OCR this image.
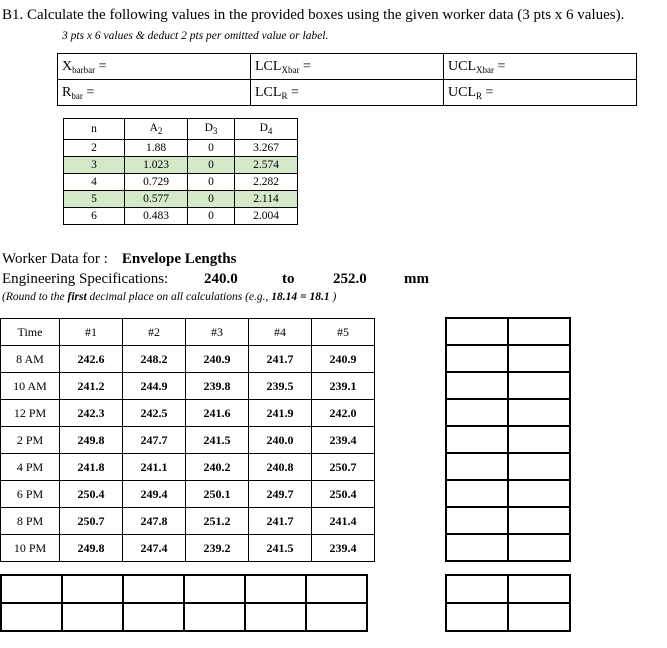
B1. Calculate the following values in the provided boxes using the given worker data (3 pts x 6 values).
3 pts x 6 values & deduct 2 pts per omitted value or label.
$X_{barbar}$ =	$LCL_{Xbar}$ =	$UCL_{Xbar}$ =
$R_{bar}$ =	$LCL_R$ =	$UCL_R$ =
n	$A_2$	$D_3$	$D_4$
2	1.88	0	3.267
3	1.023	0	2.574
4	0.729	0	2.282
5	0.577	0	2.114
6	0.483	0	2.004
Worker Data for : Envelope Lengths
Engineering Specifications: 240.0	to	252.0 mm
(Round to the first decimal place on all calculations (e.g., 18.14 = 18.1 )
Time	#1	#2	#3	#4	#5
8 AM	242.6	248.2	240.9	241.7	240.9
10 AM	241.2	244.9	239.8	239.5	239.1
12 PM	242.3	242.5	241.6	241.9	242.0
2 PM	249.8	247.7	241.5	240.0	239.4
4 PM	241.8	241.1	240.2	240.8	250.7
6 PM	250.4	249.4	250.1	249.7	250.4
8 PM	250.7	247.8	251.2	241.7	241.4
10 PM	249.8	247.4	239.2	241.5	239.4
